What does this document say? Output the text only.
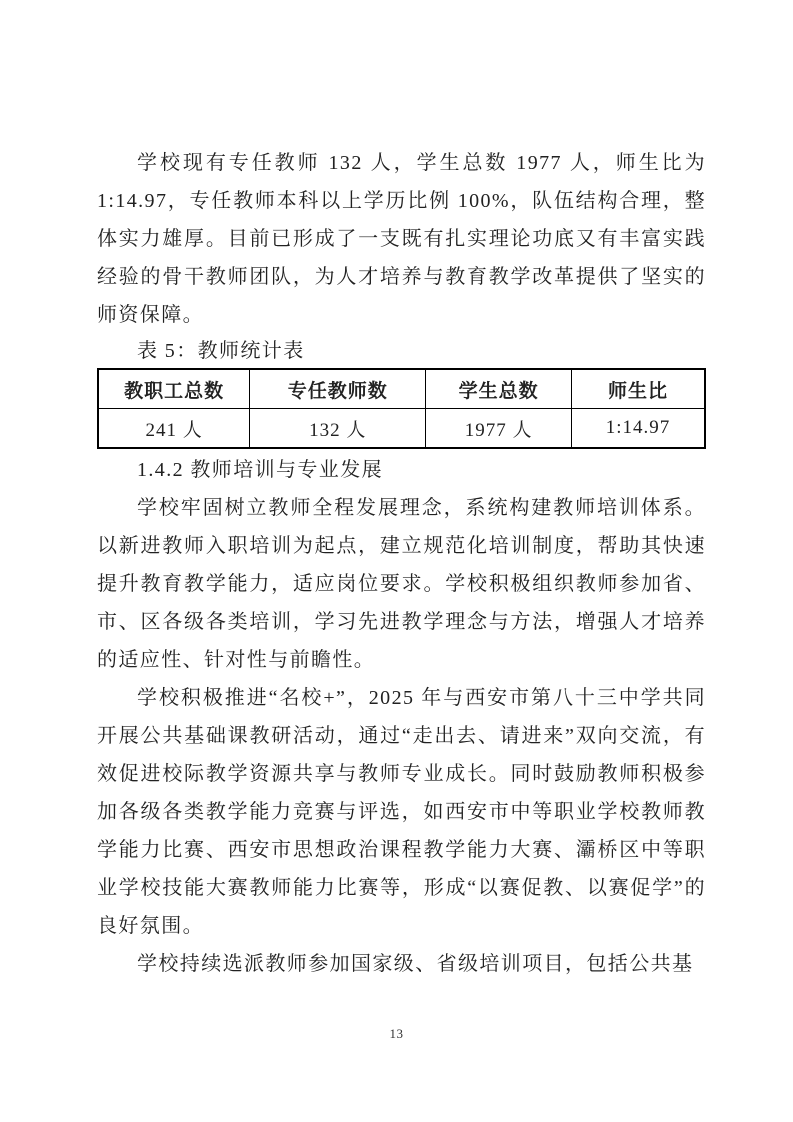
学校现有专任教师 132 人，学生总数 1977 人，师生比为 1:14.97，专任教师本科以上学历比例 100%，队伍结构合理，整体实力雄厚。目前已形成了一支既有扎实理论功底又有丰富实践经验的骨干教师团队，为人才培养与教育教学改革提供了坚实的师资保障。

表 5：教师统计表

教职工总数	专任教师数	学生总数	师生比
241 人	132 人	1977 人	1:14.97

1.4.2 教师培训与专业发展

学校牢固树立教师全程发展理念，系统构建教师培训体系。以新进教师入职培训为起点，建立规范化培训制度，帮助其快速提升教育教学能力，适应岗位要求。学校积极组织教师参加省、市、区各级各类培训，学习先进教学理念与方法，增强人才培养的适应性、针对性与前瞻性。

学校积极推进“名校+”，2025 年与西安市第八十三中学共同开展公共基础课教研活动，通过“走出去、请进来”双向交流，有效促进校际教学资源共享与教师专业成长。同时鼓励教师积极参加各级各类教学能力竞赛与评选，如西安市中等职业学校教师教学能力比赛、西安市思想政治课程教学能力大赛、灞桥区中等职业学校技能大赛教师能力比赛等，形成“以赛促教、以赛促学”的良好氛围。

学校持续选派教师参加国家级、省级培训项目，包括公共基

13
